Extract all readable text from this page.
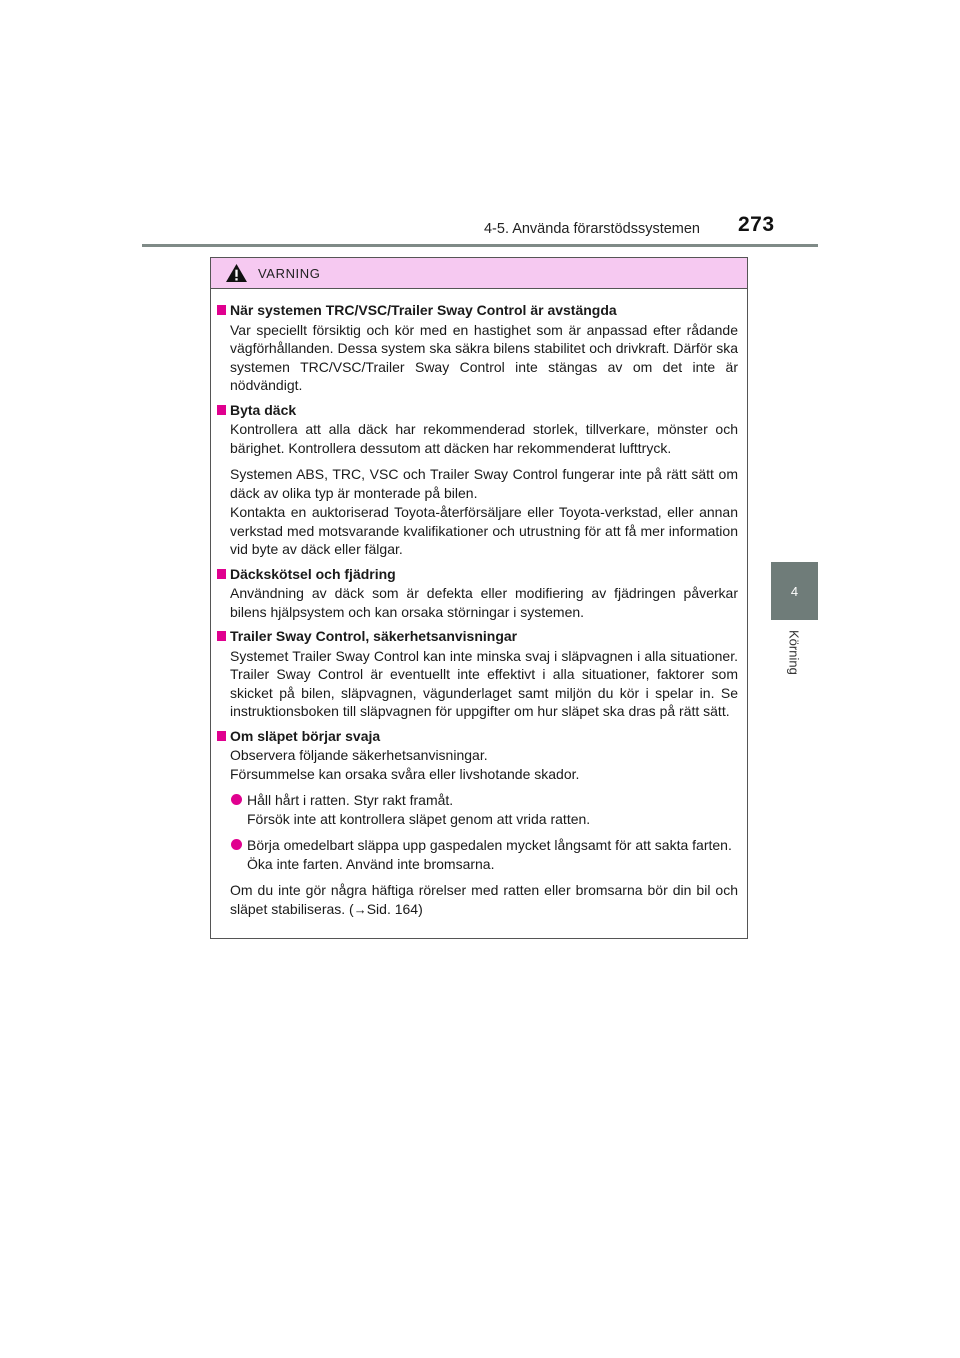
4-5. Använda förarstödssystemen 273
4
Körning
VARNING
När systemen TRC/VSC/Trailer Sway Control är avstängda
Var speciellt försiktig och kör med en hastighet som är anpassad efter rådande vägförhållanden. Dessa system ska säkra bilens stabilitet och drivkraft. Därför ska systemen TRC/VSC/Trailer Sway Control inte stängas av om det inte är nödvändigt.
Byta däck
Kontrollera att alla däck har rekommenderad storlek, tillverkare, mönster och bärighet. Kontrollera dessutom att däcken har rekommenderat lufttryck.
Systemen ABS, TRC, VSC och Trailer Sway Control fungerar inte på rätt sätt om däck av olika typ är monterade på bilen.
Kontakta en auktoriserad Toyota-återförsäljare eller Toyota-verkstad, eller annan verkstad med motsvarande kvalifikationer och utrustning för att få mer information vid byte av däck eller fälgar.
Däckskötsel och fjädring
Användning av däck som är defekta eller modifiering av fjädringen påverkar bilens hjälpsystem och kan orsaka störningar i systemen.
Trailer Sway Control, säkerhetsanvisningar
Systemet Trailer Sway Control kan inte minska svaj i släpvagnen i alla situationer. Trailer Sway Control är eventuellt inte effektivt i alla situationer, faktorer som skicket på bilen, släpvagnen, vägunderlaget samt miljön du kör i spelar in. Se instruktionsboken till släpvagnen för uppgifter om hur släpet ska dras på rätt sätt.
Om släpet börjar svaja
Observera följande säkerhetsanvisningar.
Försummelse kan orsaka svåra eller livshotande skador.
Håll hårt i ratten. Styr rakt framåt.
Försök inte att kontrollera släpet genom att vrida ratten.
Börja omedelbart släppa upp gaspedalen mycket långsamt för att sakta farten.
Öka inte farten. Använd inte bromsarna.
Om du inte gör några häftiga rörelser med ratten eller bromsarna bör din bil och släpet stabiliseras. (→Sid. 164)
